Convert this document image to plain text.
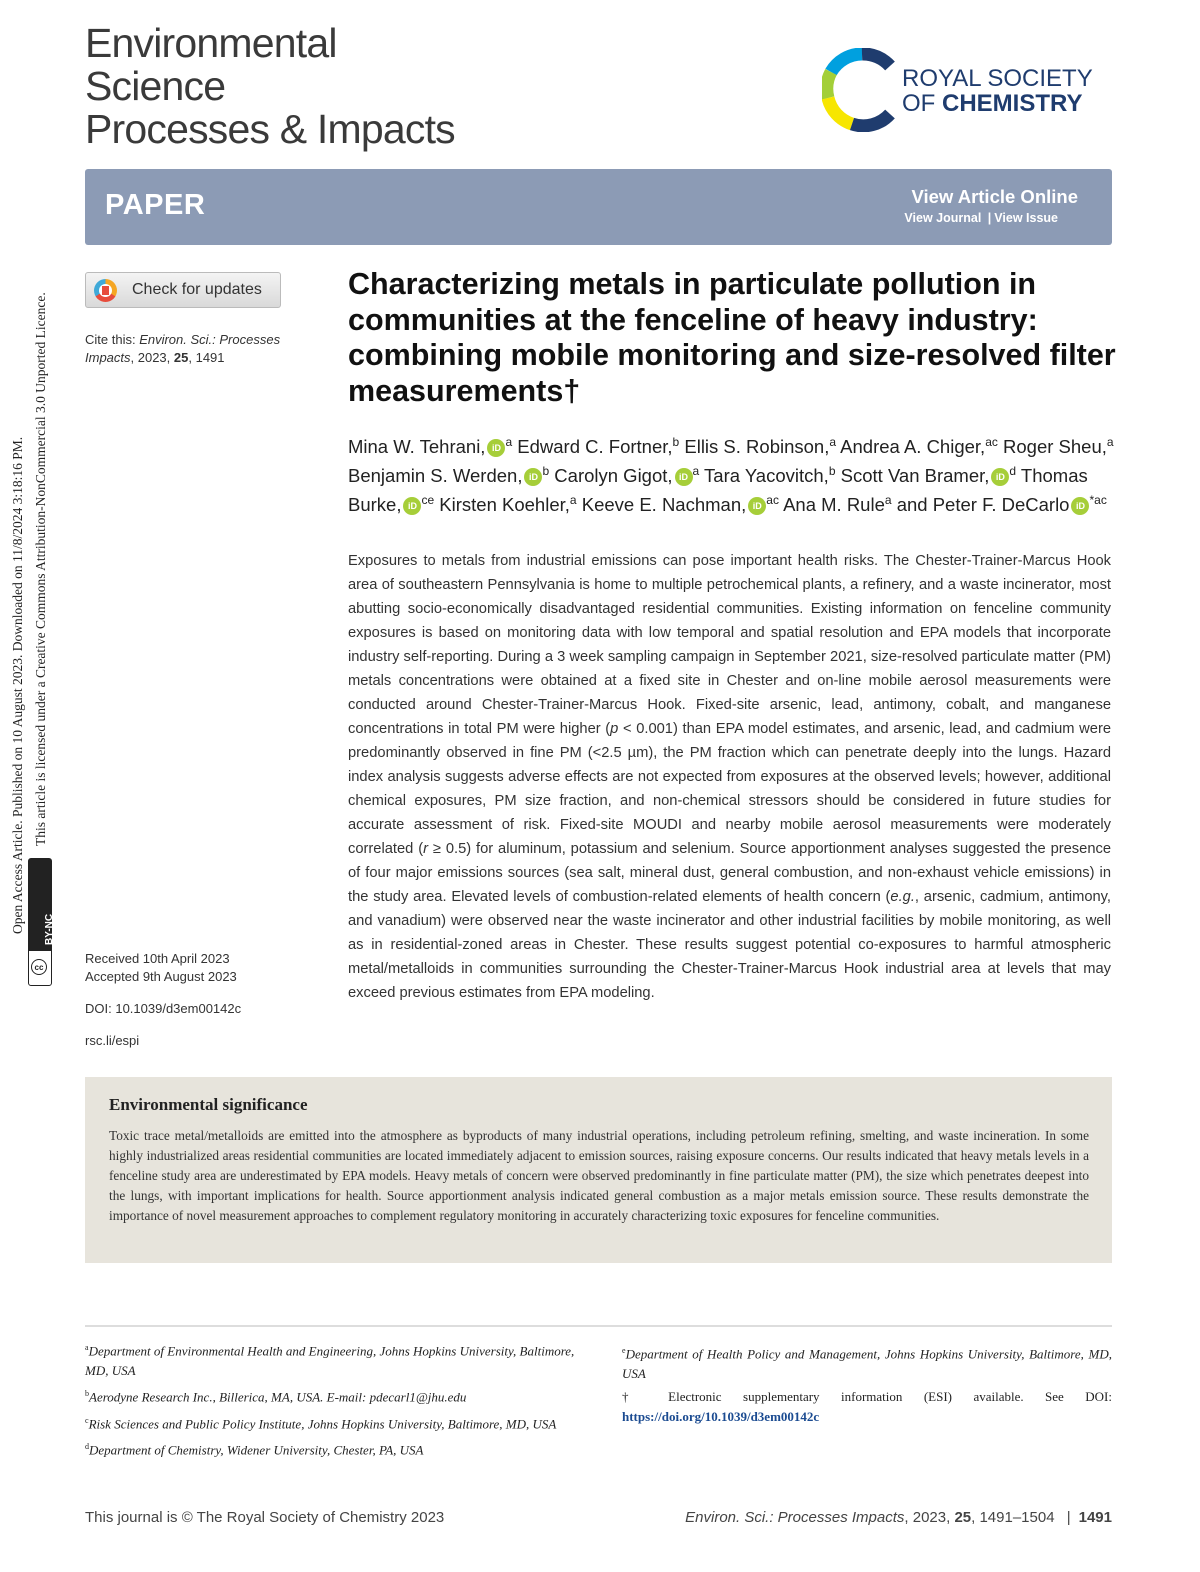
Open Access Article. Published on 10 August 2023. Downloaded on 11/8/2024 3:18:16 PM. This article is licensed under a Creative Commons Attribution-NonCommercial 3.0 Unported Licence.
BY-NC
cc
Environmental
Science
Processes & Impacts
ROYAL SOCIETY
OF CHEMISTRY
PAPER	View Article Online
View Journal | View Issue
Check for updates
Cite this: Environ. Sci.: Processes Impacts, 2023, 25, 1491
Received 10th April 2023
Accepted 9th August 2023
DOI: 10.1039/d3em00142c
rsc.li/espi
Characterizing metals in particulate pollution in communities at the fenceline of heavy industry: combining mobile monitoring and size-resolved filter measurements†
Mina W. Tehrani, iD $^a$ Edward C. Fortner,$^b$ Ellis S. Robinson,$^a$ Andrea A. Chiger,$^{ac}$ Roger Sheu,$^a$ Benjamin S. Werden, iD $^b$ Carolyn Gigot, iD $^a$ Tara Yacovitch,$^b$ Scott Van Bramer, iD $^d$ Thomas Burke, iD $^{ce}$ Kirsten Koehler,$^a$ Keeve E. Nachman, iD $^{ac}$ Ana M. Rule$^a$ and Peter F. DeCarlo iD $^{*ac}$
Exposures to metals from industrial emissions can pose important health risks. The Chester-Trainer-Marcus Hook area of southeastern Pennsylvania is home to multiple petrochemical plants, a refinery, and a waste incinerator, most abutting socio-economically disadvantaged residential communities. Existing information on fenceline community exposures is based on monitoring data with low temporal and spatial resolution and EPA models that incorporate industry self-reporting. During a 3 week sampling campaign in September 2021, size-resolved particulate matter (PM) metals concentrations were obtained at a fixed site in Chester and on-line mobile aerosol measurements were conducted around Chester-Trainer-Marcus Hook. Fixed-site arsenic, lead, antimony, cobalt, and manganese concentrations in total PM were higher (p < 0.001) than EPA model estimates, and arsenic, lead, and cadmium were predominantly observed in fine PM (<2.5 µm), the PM fraction which can penetrate deeply into the lungs. Hazard index analysis suggests adverse effects are not expected from exposures at the observed levels; however, additional chemical exposures, PM size fraction, and non-chemical stressors should be considered in future studies for accurate assessment of risk. Fixed-site MOUDI and nearby mobile aerosol measurements were moderately correlated (r ≥ 0.5) for aluminum, potassium and selenium. Source apportionment analyses suggested the presence of four major emissions sources (sea salt, mineral dust, general combustion, and non-exhaust vehicle emissions) in the study area. Elevated levels of combustion-related elements of health concern (e.g., arsenic, cadmium, antimony, and vanadium) were observed near the waste incinerator and other industrial facilities by mobile monitoring, as well as in residential-zoned areas in Chester. These results suggest potential co-exposures to harmful atmospheric metal/metalloids in communities surrounding the Chester-Trainer-Marcus Hook industrial area at levels that may exceed previous estimates from EPA modeling.
Environmental significance
Toxic trace metal/metalloids are emitted into the atmosphere as byproducts of many industrial operations, including petroleum refining, smelting, and waste incineration. In some highly industrialized areas residential communities are located immediately adjacent to emission sources, raising exposure concerns. Our results indicated that heavy metals levels in a fenceline study area are underestimated by EPA models. Heavy metals of concern were observed predominantly in fine particulate matter (PM), the size which penetrates deepest into the lungs, with important implications for health. Source apportionment analysis indicated general combustion as a major metals emission source. These results demonstrate the importance of novel measurement approaches to complement regulatory monitoring in accurately characterizing toxic exposures for fenceline communities.
$^a$Department of Environmental Health and Engineering, Johns Hopkins University, Baltimore, MD, USA
$^b$Aerodyne Research Inc., Billerica, MA, USA. E-mail: pdecarl1@jhu.edu
$^c$Risk Sciences and Public Policy Institute, Johns Hopkins University, Baltimore, MD, USA
$^d$Department of Chemistry, Widener University, Chester, PA, USA
$^e$Department of Health Policy and Management, Johns Hopkins University, Baltimore, MD, USA
† Electronic supplementary information (ESI) available. See DOI:
https://doi.org/10.1039/d3em00142c
This journal is © The Royal Society of Chemistry 2023	Environ. Sci.: Processes Impacts, 2023, 25, 1491–1504 | 1491
